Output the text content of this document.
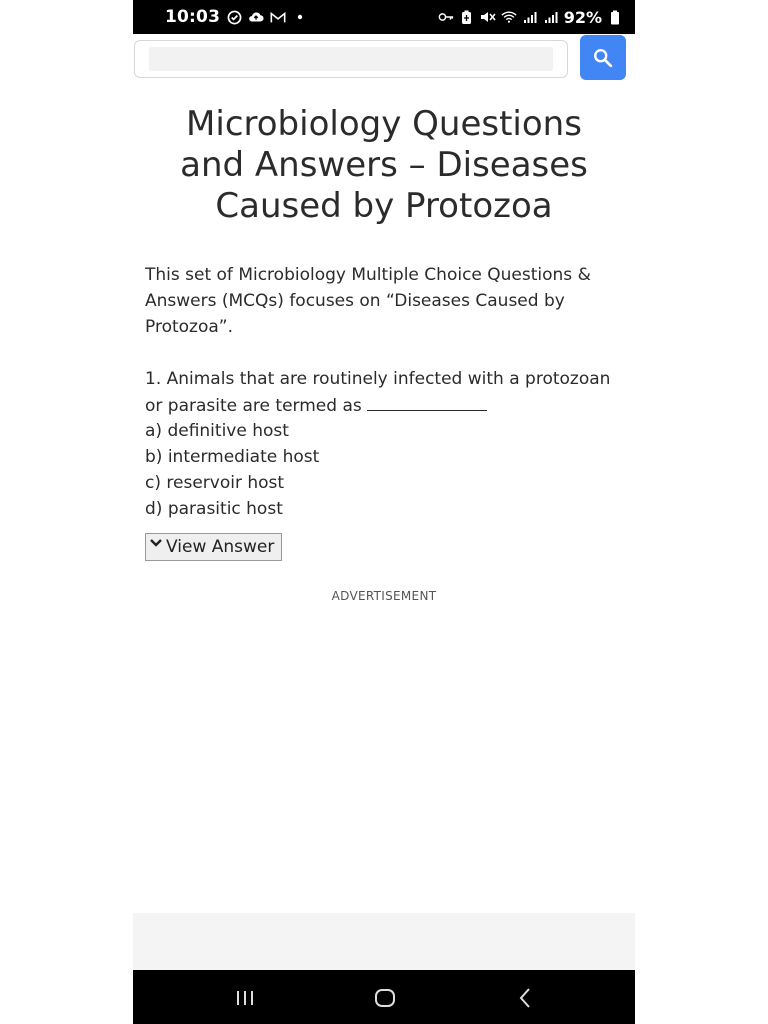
10:03	92%
Microbiology Questions and Answers – Diseases Caused by Protozoa

This set of Microbiology Multiple Choice Questions & Answers (MCQs) focuses on “Diseases Caused by Protozoa”.

1. Animals that are routinely infected with a protozoan or parasite are termed as

a) definitive host
b) intermediate host
c) reservoir host
d) parasitic host
View Answer
ADVERTISEMENT
